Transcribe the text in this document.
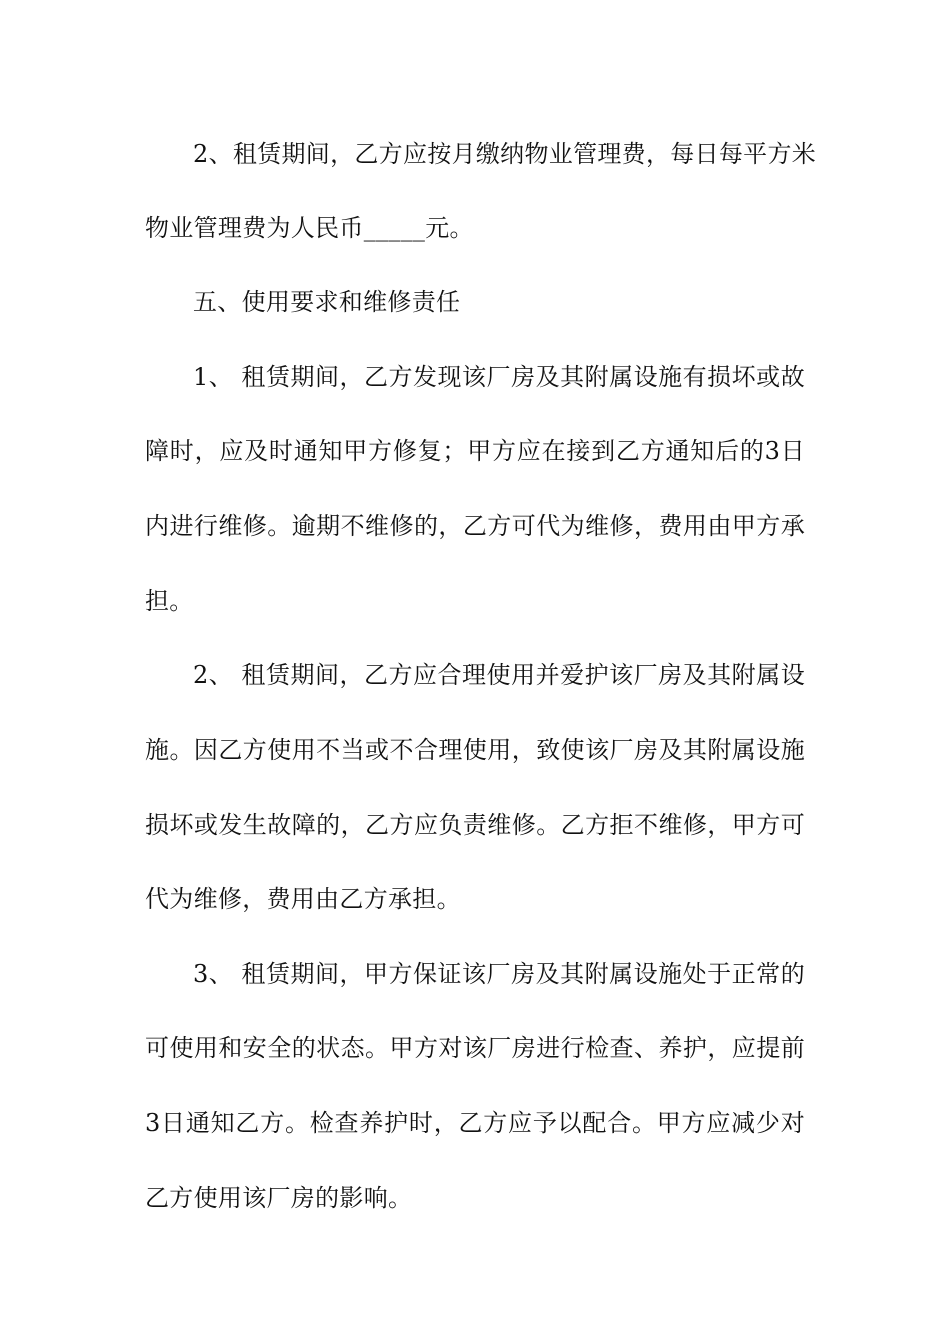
2、租赁期间，乙方应按月缴纳物业管理费，每日每平方米
物业管理费为人民币_____元。
五、使用要求和维修责任
1、 租赁期间，乙方发现该厂房及其附属设施有损坏或故
障时，应及时通知甲方修复；甲方应在接到乙方通知后的3日
内进行维修。逾期不维修的，乙方可代为维修，费用由甲方承
担。
2、 租赁期间，乙方应合理使用并爱护该厂房及其附属设
施。因乙方使用不当或不合理使用，致使该厂房及其附属设施
损坏或发生故障的，乙方应负责维修。乙方拒不维修，甲方可
代为维修，费用由乙方承担。
3、 租赁期间，甲方保证该厂房及其附属设施处于正常的
可使用和安全的状态。甲方对该厂房进行检查、养护，应提前
3日通知乙方。检查养护时，乙方应予以配合。甲方应减少对
乙方使用该厂房的影响。
